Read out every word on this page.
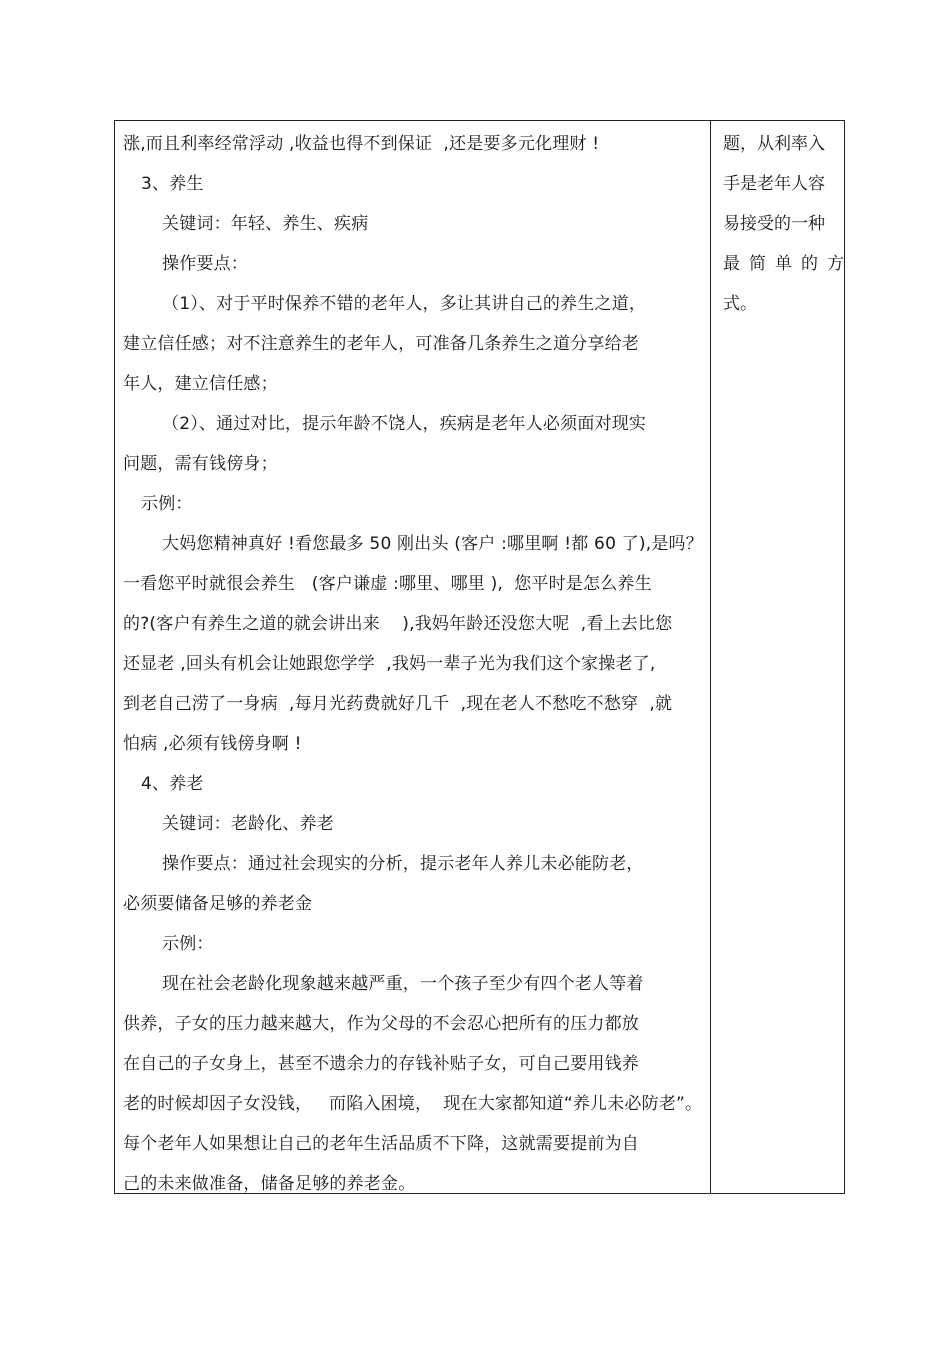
涨,而且利率经常浮动 ,收益也得不到保证  ,还是要多元化理财 !
3、养生
关键词：年轻、养生、疾病
操作要点：
（1）、对于平时保养不错的老年人，多让其讲自己的养生之道，
建立信任感；对不注意养生的老年人，可准备几条养生之道分享给老
年人，建立信任感；
（2）、通过对比，提示年龄不饶人，疾病是老年人必须面对现实
问题，需有钱傍身；
示例：
大妈您精神真好 !看您最多 50 刚出头 (客户 :哪里啊 !都 60 了),是吗？
一看您平时就很会养生   (客户谦虚 :哪里、哪里 ),  您平时是怎么养生
的?(客户有养生之道的就会讲出来    ),我妈年龄还没您大呢  ,看上去比您
还显老 ,回头有机会让她跟您学学  ,我妈一辈子光为我们这个家操老了,
到老自己涝了一身病  ,每月光药费就好几千  ,现在老人不愁吃不愁穿  ,就
怕病 ,必须有钱傍身啊 !
4、养老
关键词：老龄化、养老
操作要点：通过社会现实的分析，提示老年人养儿未必能防老，
必须要储备足够的养老金
示例：
现在社会老龄化现象越来越严重，一个孩子至少有四个老人等着
供养，子女的压力越来越大，作为父母的不会忍心把所有的压力都放
在自己的子女身上，甚至不遗余力的存钱补贴子女，可自己要用钱养
老的时候却因子女没钱，   而陷入困境，  现在大家都知道“养儿未必防老”。
每个老年人如果想让自己的老年生活品质不下降，这就需要提前为自
己的未来做准备，储备足够的养老金。
题，从利率入
手是老年人容
易接受的一种
最简单的方
式。
